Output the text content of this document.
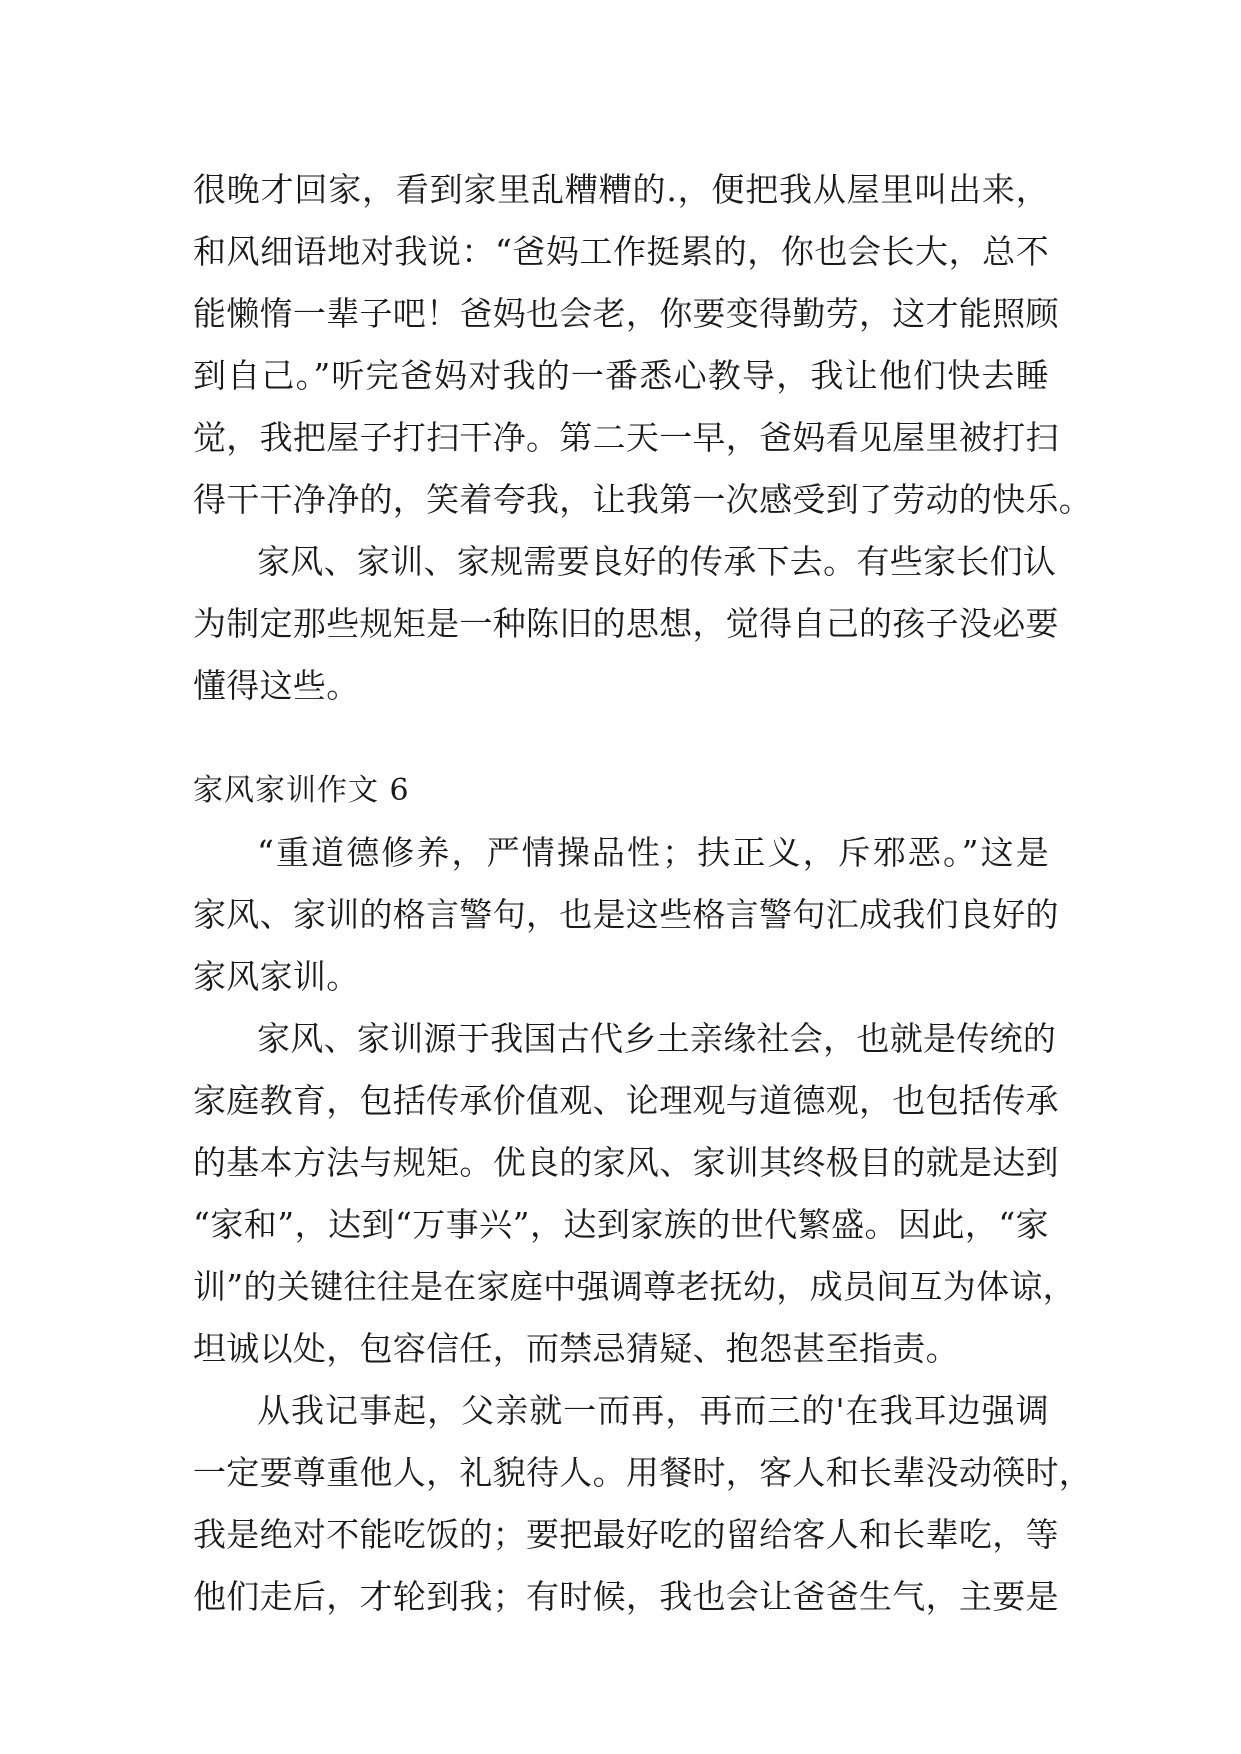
很晚才回家，看到家里乱糟糟的.，便把我从屋里叫出来，
和风细语地对我说：“爸妈工作挺累的，你也会长大，总不
能懒惰一辈子吧！爸妈也会老，你要变得勤劳，这才能照顾
到自己。”听完爸妈对我的一番悉心教导，我让他们快去睡
觉，我把屋子打扫干净。第二天一早，爸妈看见屋里被打扫
得干干净净的，笑着夸我，让我第一次感受到了劳动的快乐。
家风、家训、家规需要良好的传承下去。有些家长们认
为制定那些规矩是一种陈旧的思想，觉得自己的孩子没必要
懂得这些。
家风家训作文 6
“重道德修养，严情操品性；扶正义，斥邪恶。”这是
家风、家训的格言警句，也是这些格言警句汇成我们良好的
家风家训。
家风、家训源于我国古代乡土亲缘社会，也就是传统的
家庭教育，包括传承价值观、论理观与道德观，也包括传承
的基本方法与规矩。优良的家风、家训其终极目的就是达到
“家和”，达到“万事兴”，达到家族的世代繁盛。因此，“家
训”的关键往往是在家庭中强调尊老抚幼，成员间互为体谅，
坦诚以处，包容信任，而禁忌猜疑、抱怨甚至指责。
从我记事起，父亲就一而再，再而三的'在我耳边强调
一定要尊重他人，礼貌待人。用餐时，客人和长辈没动筷时，
我是绝对不能吃饭的；要把最好吃的留给客人和长辈吃，等
他们走后，才轮到我；有时候，我也会让爸爸生气，主要是
